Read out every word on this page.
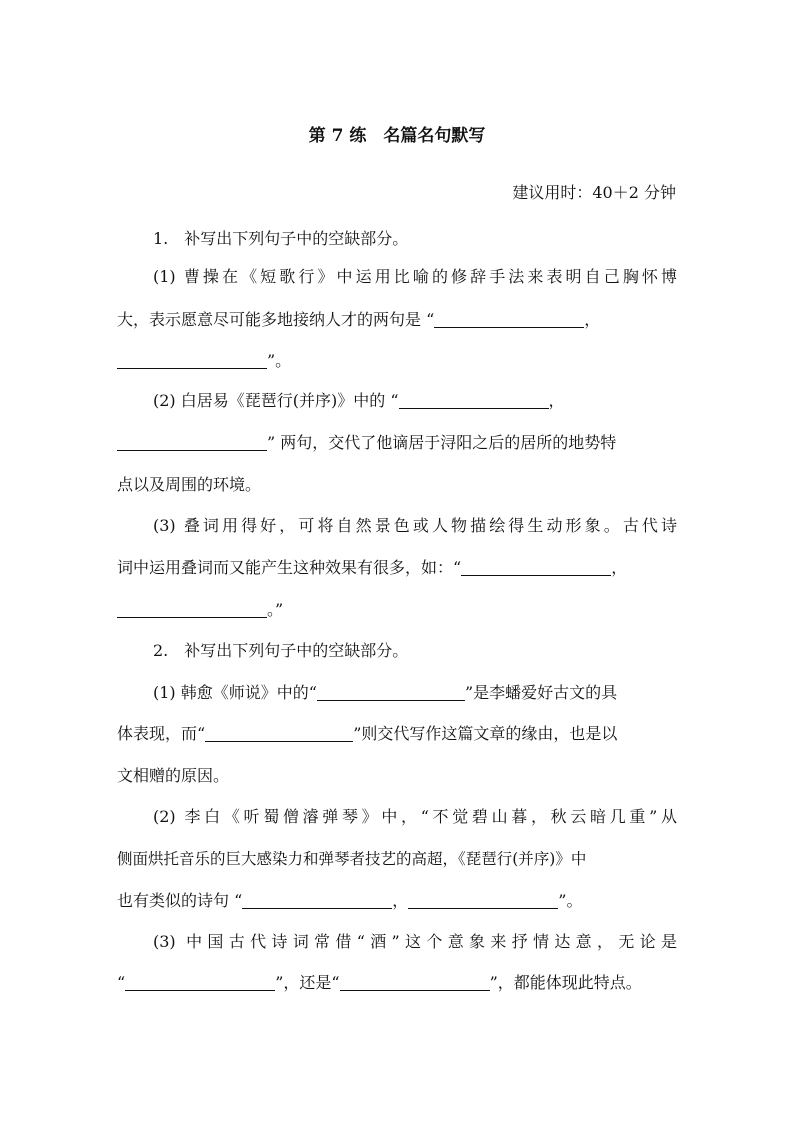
第 7 练　名篇名句默写
建议用时：40＋2 分钟
1.　补写出下列句子中的空缺部分。
(1) 曹操在《短歌行》中运用比喻的修辞手法来表明自己胸怀博
大，表示愿意尽可能多地接纳人才的两句是 “	，
”。
(2) 白居易《琵琶行(并序)》中的 “	，
” 两句，交代了他谪居于浔阳之后的居所的地势特
点以及周围的环境。
(3) 叠词用得好，可将自然景色或人物描绘得生动形象。古代诗
词中运用叠词而又能产生这种效果有很多，如：“	，
。”
2.　补写出下列句子中的空缺部分。
(1) 韩愈《师说》中的“	”是李蟠爱好古文的具
体表现，而“	”则交代写作这篇文章的缘由，也是以
文相赠的原因。
(2) 李白《听蜀僧濬弹琴》中，“不觉碧山暮，秋云暗几重”从
侧面烘托音乐的巨大感染力和弹琴者技艺的高超，《琵琶行(并序)》中
也有类似的诗句 “	，	”。
(3) 中国古代诗词常借“酒”这个意象来抒情达意，无论是
“	”，还是“	”，都能体现此特点。
